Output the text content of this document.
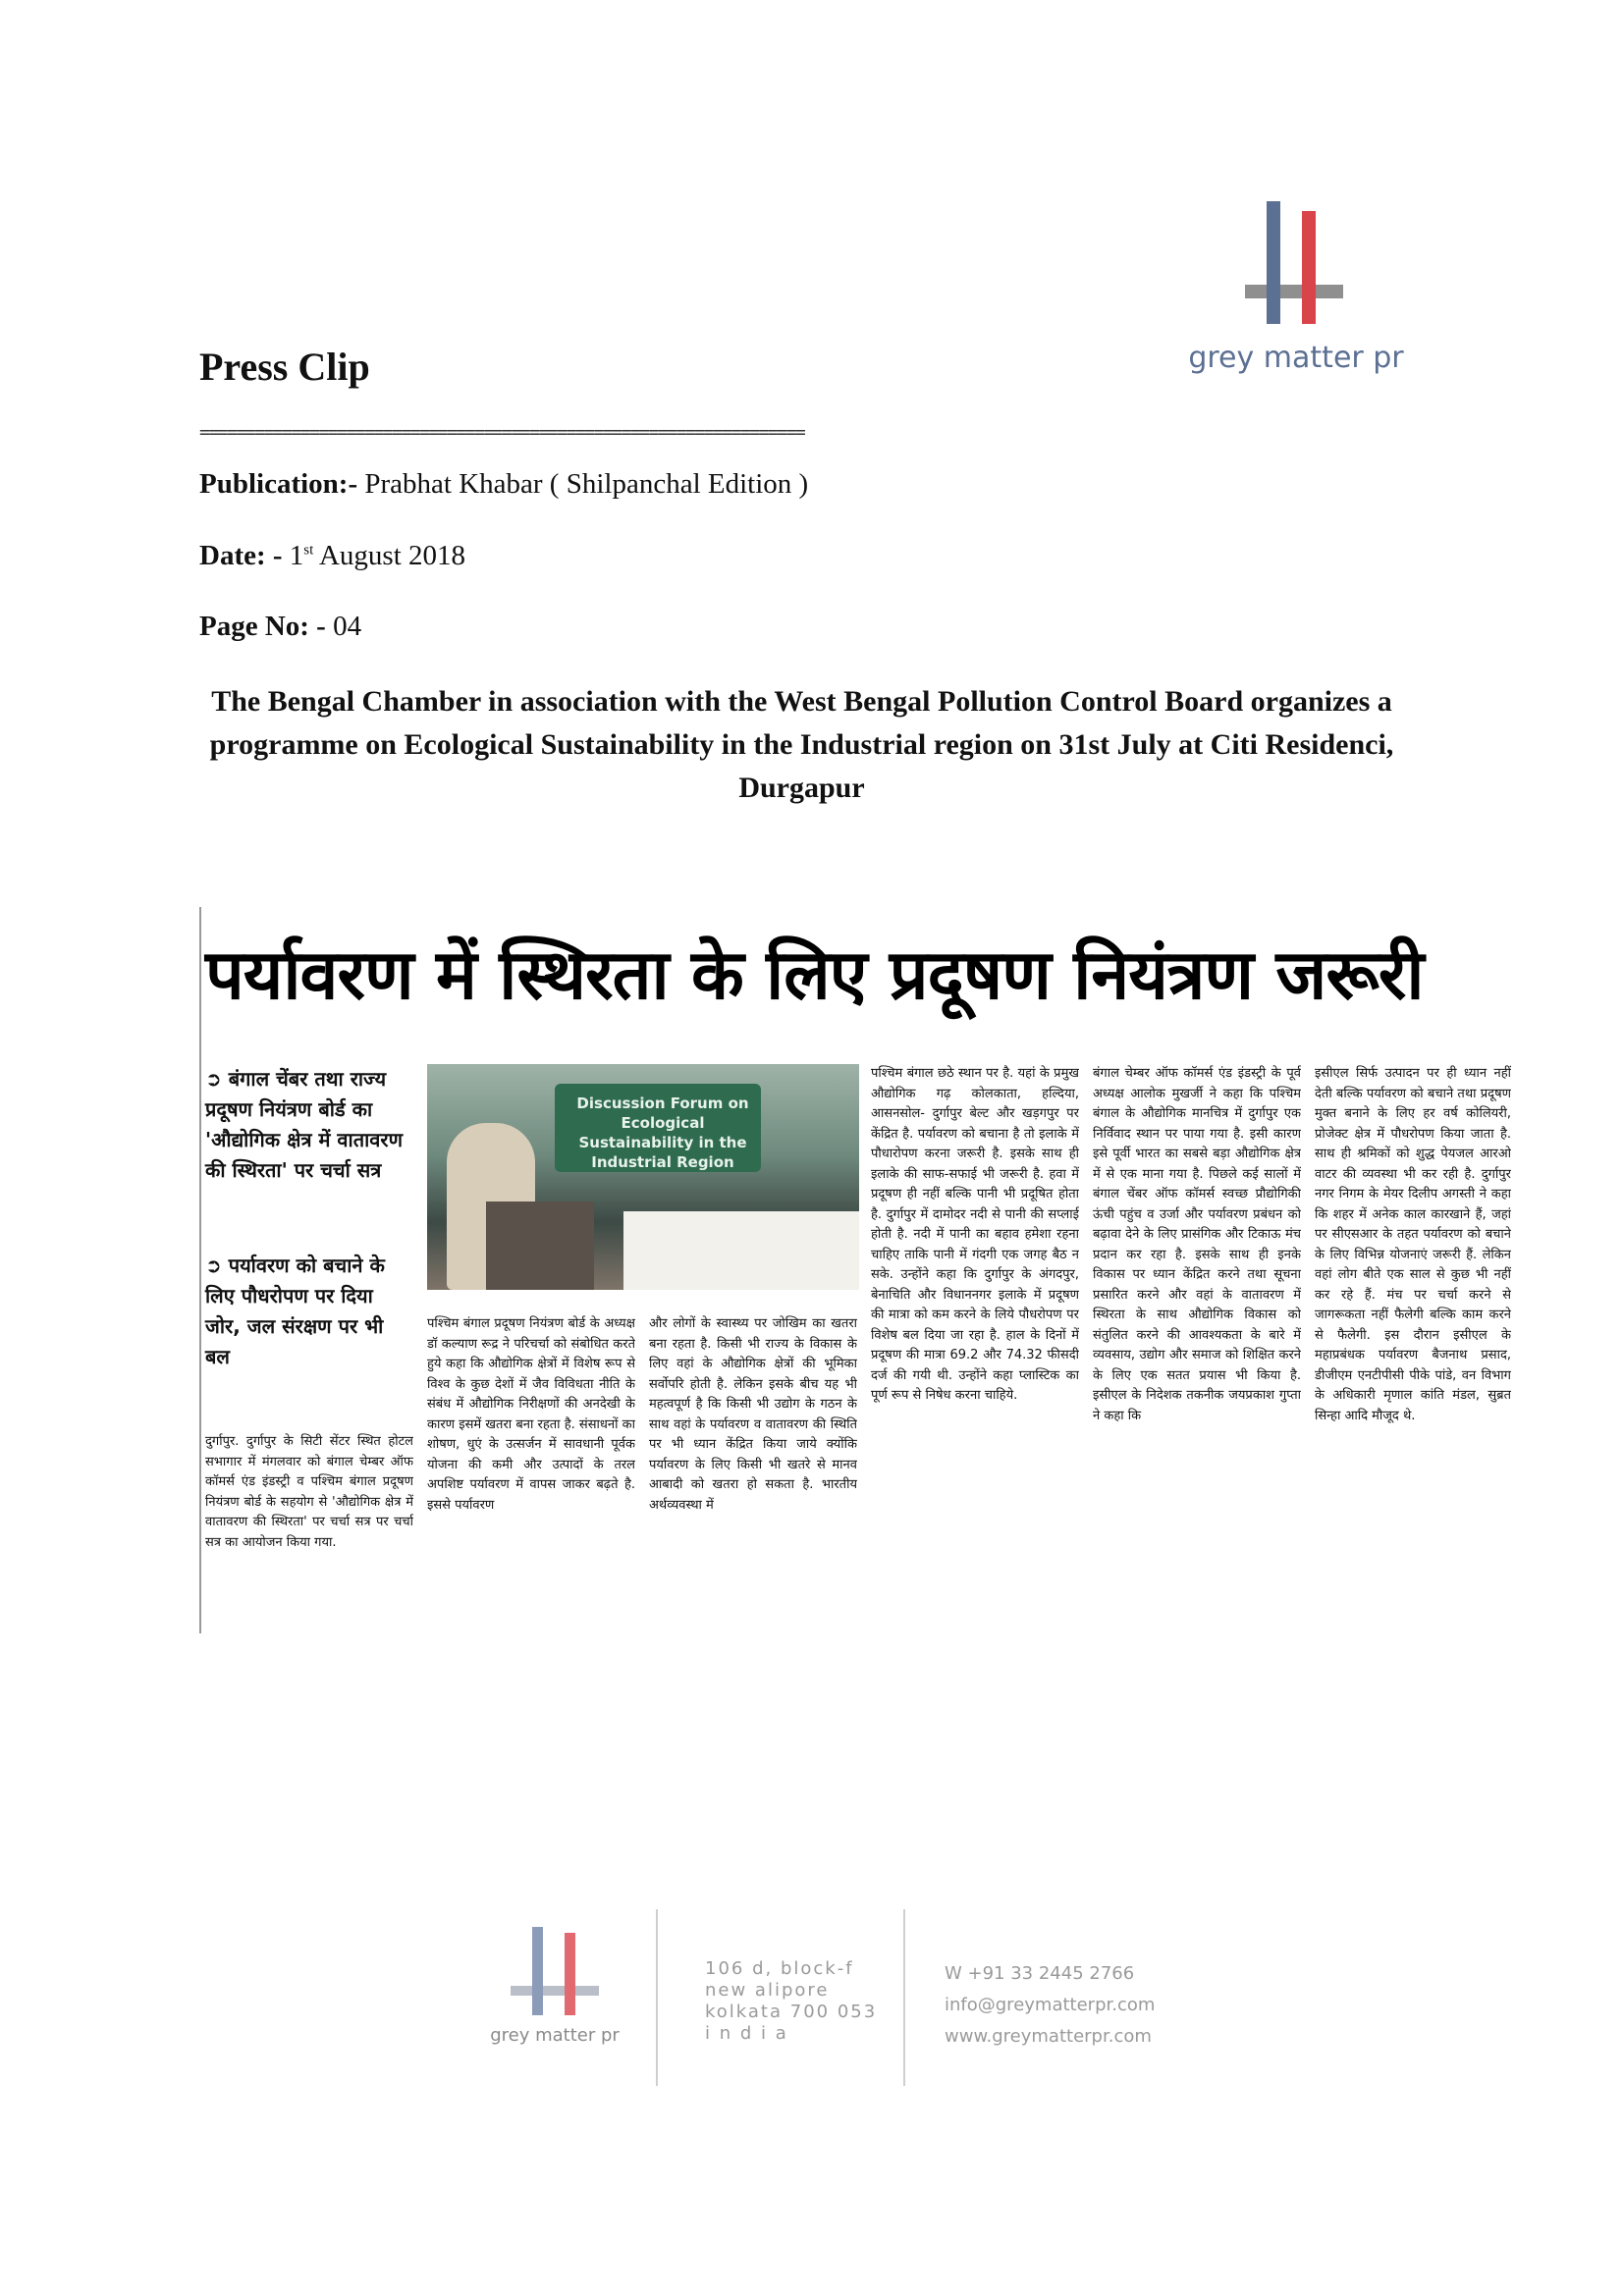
Press Clip	grey matter pr
==================================================================
Publication:- Prabhat Khabar ( Shilpanchal Edition )
Date: - 1st August 2018
Page No: - 04
The Bengal Chamber in association with the West Bengal Pollution Control Board organizes a programme on Ecological Sustainability in the Industrial region on 31st July at Citi Residenci, Durgapur
पर्यावरण में स्थिरता के लिए प्रदूषण नियंत्रण जरूरी
➲ बंगाल चेंबर तथा राज्य प्रदूषण नियंत्रण बोर्ड का 'औद्योगिक क्षेत्र में वातावरण की स्थिरता' पर चर्चा सत्र
➲ पर्यावरण को बचाने के लिए पौधरोपण पर दिया जोर, जल संरक्षण पर भी बल
Discussion Forum on Ecological Sustainability in the Industrial Region
दुर्गापुर. दुर्गापुर के सिटी सेंटर स्थित होटल सभागार में मंगलवार को बंगाल चेम्बर ऑफ कॉमर्स एंड इंडस्ट्री व पश्चिम बंगाल प्रदूषण नियंत्रण बोर्ड के सहयोग से 'औद्योगिक क्षेत्र में वातावरण की स्थिरता' पर चर्चा सत्र पर चर्चा सत्र का आयोजन किया गया.
पश्चिम बंगाल प्रदूषण नियंत्रण बोर्ड के अध्यक्ष डॉ कल्याण रूद्र ने परिचर्चा को संबोधित करते हुये कहा कि औद्योगिक क्षेत्रों में विशेष रूप से विश्व के कुछ देशों में जैव विविधता नीति के संबंध में औद्योगिक निरीक्षणों की अनदेखी के कारण इसमें खतरा बना रहता है. संसाधनों का शोषण, धुएं के उत्सर्जन में सावधानी पूर्वक योजना की कमी और उत्पादों के तरल अपशिष्ट पर्यावरण में वापस जाकर बढ़ते है. इससे पर्यावरण
और लोगों के स्वास्थ्य पर जोखिम का खतरा बना रहता है. किसी भी राज्य के विकास के लिए वहां के औद्योगिक क्षेत्रों की भूमिका सर्वोपरि होती है. लेकिन इसके बीच यह भी महत्वपूर्ण है कि किसी भी उद्योग के गठन के साथ वहां के पर्यावरण व वातावरण की स्थिति पर भी ध्यान केंद्रित किया जाये क्योंकि पर्यावरण के लिए किसी भी खतरे से मानव आबादी को खतरा हो सकता है. भारतीय अर्थव्यवस्था में
पश्चिम बंगाल छठे स्थान पर है. यहां के प्रमुख औद्योगिक गढ़ कोलकाता, हल्दिया, आसनसोल- दुर्गापुर बेल्ट और खड़गपुर पर केंद्रित है. पर्यावरण को बचाना है तो इलाके में पौधारोपण करना जरूरी है. इसके साथ ही इलाके की साफ-सफाई भी जरूरी है. हवा में प्रदूषण ही नहीं बल्कि पानी भी प्रदूषित होता है. दुर्गापुर में दामोदर नदी से पानी की सप्लाई होती है. नदी में पानी का बहाव हमेशा रहना चाहिए ताकि पानी में गंदगी एक जगह बैठ न सके. उन्होंने कहा कि दुर्गापुर के अंगदपुर, बेनाचिति और विधाननगर इलाके में प्रदूषण की मात्रा को कम करने के लिये पौधरोपण पर विशेष बल दिया जा रहा है. हाल के दिनों में प्रदूषण की मात्रा 69.2 और 74.32 फीसदी दर्ज की गयी थी. उन्होंने कहा प्लास्टिक का पूर्ण रूप से निषेध करना चाहिये.
बंगाल चेम्बर ऑफ कॉमर्स एंड इंडस्ट्री के पूर्व अध्यक्ष आलोक मुखर्जी ने कहा कि पश्चिम बंगाल के औद्योगिक मानचित्र में दुर्गापुर एक निर्विवाद स्थान पर पाया गया है. इसी कारण इसे पूर्वी भारत का सबसे बड़ा औद्योगिक क्षेत्र में से एक माना गया है. पिछले कई सालों में बंगाल चेंबर ऑफ कॉमर्स स्वच्छ प्रौद्योगिकी ऊंची पहुंच व उर्जा और पर्यावरण प्रबंधन को बढ़ावा देने के लिए प्रासंगिक और टिकाऊ मंच प्रदान कर रहा है. इसके साथ ही इनके विकास पर ध्यान केंद्रित करने तथा सूचना प्रसारित करने और वहां के वातावरण में स्थिरता के साथ औद्योगिक विकास को संतुलित करने की आवश्यकता के बारे में व्यवसाय, उद्योग और समाज को शिक्षित करने के लिए एक सतत प्रयास भी किया है. इसीएल के निदेशक तकनीक जयप्रकाश गुप्ता ने कहा कि
इसीएल सिर्फ उत्पादन पर ही ध्यान नहीं देती बल्कि पर्यावरण को बचाने तथा प्रदूषण मुक्त बनाने के लिए हर वर्ष कोलियरी, प्रोजेक्ट क्षेत्र में पौधरोपण किया जाता है. साथ ही श्रमिकों को शुद्ध पेयजल आरओ वाटर की व्यवस्था भी कर रही है. दुर्गापुर नगर निगम के मेयर दिलीप अगस्ती ने कहा कि शहर में अनेक काल कारखाने हैं, जहां पर सीएसआर के तहत पर्यावरण को बचाने के लिए विभिन्न योजनाएं जरूरी हैं. लेकिन वहां लोग बीते एक साल से कुछ भी नहीं कर रहे हैं. मंच पर चर्चा करने से जागरूकता नहीं फैलेगी बल्कि काम करने से फैलेगी. इस दौरान इसीएल के महाप्रबंधक पर्यावरण बैजनाथ प्रसाद, डीजीएम एनटीपीसी पीके पांडे, वन विभाग के अधिकारी मृणाल कांति मंडल, सुब्रत सिन्हा आदि मौजूद थे.
grey matter pr
106 d, block-f
new alipore
kolkata 700 053
i n d i a
W +91 33 2445 2766
info@greymatterpr.com
www.greymatterpr.com
